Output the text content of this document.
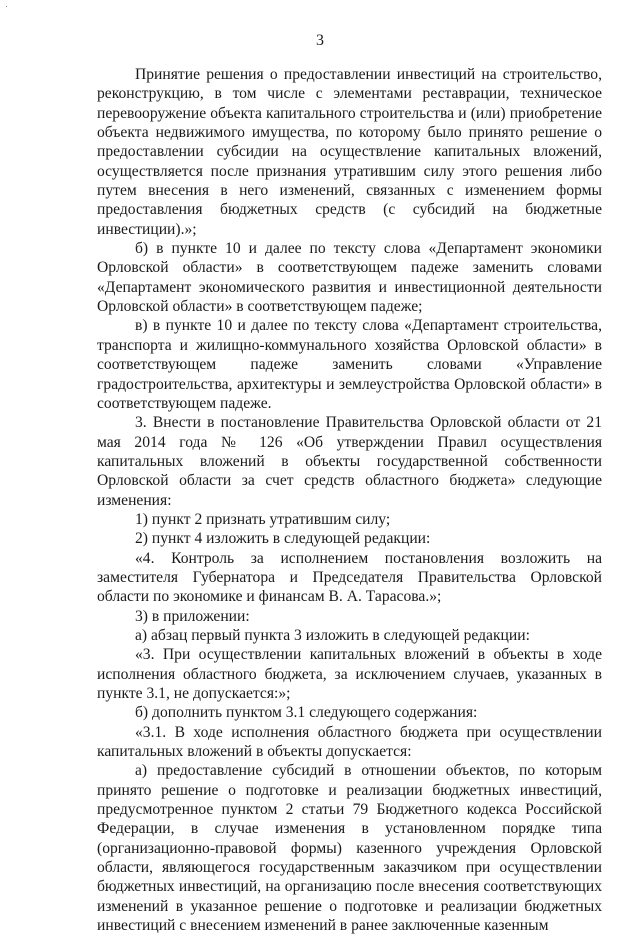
3

Принятие решения о предоставлении инвестиций на строительство, реконструкцию, в том числе с элементами реставрации, техническое перевооружение объекта капитального строительства и (или) приобретение объекта недвижимого имущества, по которому было принято решение о предоставлении субсидии на осуществление капитальных вложений, осуществляется после признания утратившим силу этого решения либо путем внесения в него изменений, связанных с изменением формы предоставления бюджетных средств (с субсидий на бюджетные инвестиции).»;

б) в пункте 10 и далее по тексту слова «Департамент экономики Орловской области» в соответствующем падеже заменить словами «Департамент экономического развития и инвестиционной деятельности Орловской области» в соответствующем падеже;

в) в пункте 10 и далее по тексту слова «Департамент строительства, транспорта и жилищно-коммунального хозяйства Орловской области» в соответствующем падеже заменить словами «Управление градостроительства, архитектуры и землеустройства Орловской области» в соответствующем падеже.

3. Внести в постановление Правительства Орловской области от 21 мая 2014 года № 126 «Об утверждении Правил осуществления капитальных вложений в объекты государственной собственности Орловской области за счет средств областного бюджета» следующие изменения:

1) пункт 2 признать утратившим силу;

2) пункт 4 изложить в следующей редакции:

«4. Контроль за исполнением постановления возложить на заместителя Губернатора и Председателя Правительства Орловской области по экономике и финансам В. А. Тарасова.»;

3) в приложении:

а) абзац первый пункта 3 изложить в следующей редакции:

«3. При осуществлении капитальных вложений в объекты в ходе исполнения областного бюджета, за исключением случаев, указанных в пункте 3.1, не допускается:»;

б) дополнить пунктом 3.1 следующего содержания:

«3.1. В ходе исполнения областного бюджета при осуществлении капитальных вложений в объекты допускается:

а) предоставление субсидий в отношении объектов, по которым принято решение о подготовке и реализации бюджетных инвестиций, предусмотренное пунктом 2 статьи 79 Бюджетного кодекса Российской Федерации, в случае изменения в установленном порядке типа (организационно-правовой формы) казенного учреждения Орловской области, являющегося государственным заказчиком при осуществлении бюджетных инвестиций, на организацию после внесения соответствующих изменений в указанное решение о подготовке и реализации бюджетных инвестиций с внесением изменений в ранее заключенные казенным
